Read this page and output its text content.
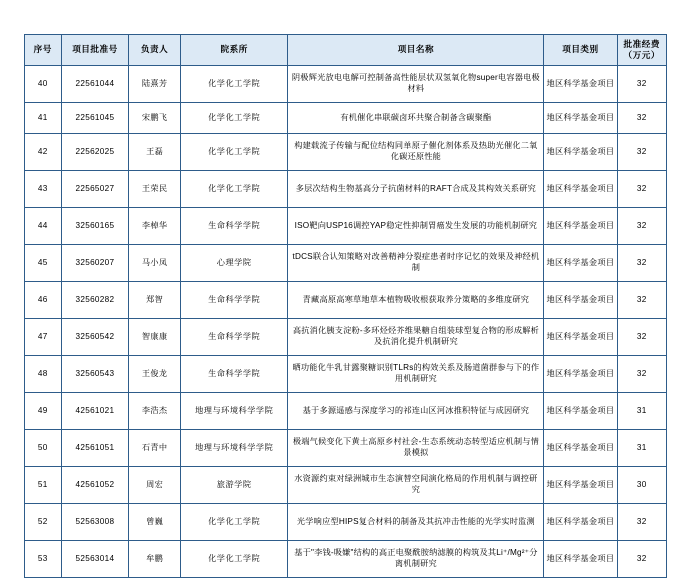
序号	项目批准号	负责人	院系所	项目名称	项目类别	批准经费（万元）
40	22561044	陆熹芳	化学化工学院	阴极辉光放电电解可控制备高性能层状双氢氧化物super电容器电极材料	地区科学基金项目	32
41	22561045	宋鹏飞	化学化工学院	有机催化串联碳卤环共聚合制备含碳聚酯	地区科学基金项目	32
42	22562025	王磊	化学化工学院	构建载流子传输与配位结构同单原子催化剂体系及热助光催化二氧化碳还原性能	地区科学基金项目	32
43	22565027	王荣民	化学化工学院	多层次结构生物基高分子抗菌材料的RAFT合成及其构效关系研究	地区科学基金项目	32
44	32560165	李棹华	生命科学学院	ISO靶向USP16调控YAP稳定性抑制胃癌发生发展的功能机制研究	地区科学基金项目	32
45	32560207	马小凤	心理学院	tDCS联合认知策略对改善精神分裂症患者时序记忆的效果及神经机制	地区科学基金项目	32
46	32560282	郑智	生命科学学院	青藏高原高寒草地草本植物吸收根获取养分策略的多维度研究	地区科学基金项目	32
47	32560542	智康康	生命科学学院	高抗消化胰支淀粉-多环烃烃芥维果糖自组装球型复合物的形成解析及抗消化提升机制研究	地区科学基金项目	32
48	32560543	王俊龙	生命科学学院	晒功能化牛乳甘露聚糖识别TLRs的构效关系及肠道菌群参与下的作用机制研究	地区科学基金项目	32
49	42561021	李浩杰	地理与环境科学学院	基于多源遥感与深度学习的祁连山区河冰推积特征与成因研究	地区科学基金项目	31
50	42561051	石青中	地理与环境科学学院	极端气候变化下黄土高原乡村社会-生态系统动态转型适应机制与情景模拟	地区科学基金项目	31
51	42561052	周宏	旅游学院	水资源约束对绿洲城市生态演替空间演化格局的作用机制与调控研究	地区科学基金项目	30
52	52563008	曾巍	化学化工学院	光学响应型HIPS复合材料的制备及其抗冲击性能的光学实时监测	地区科学基金项目	32
53	52563014	牟鹏	化学化工学院	基于"李钱-吸嫌"结构的高正电聚酰胺纳滤膜的构筑及其Li⁺/Mg²⁺分离机制研究	地区科学基金项目	32
